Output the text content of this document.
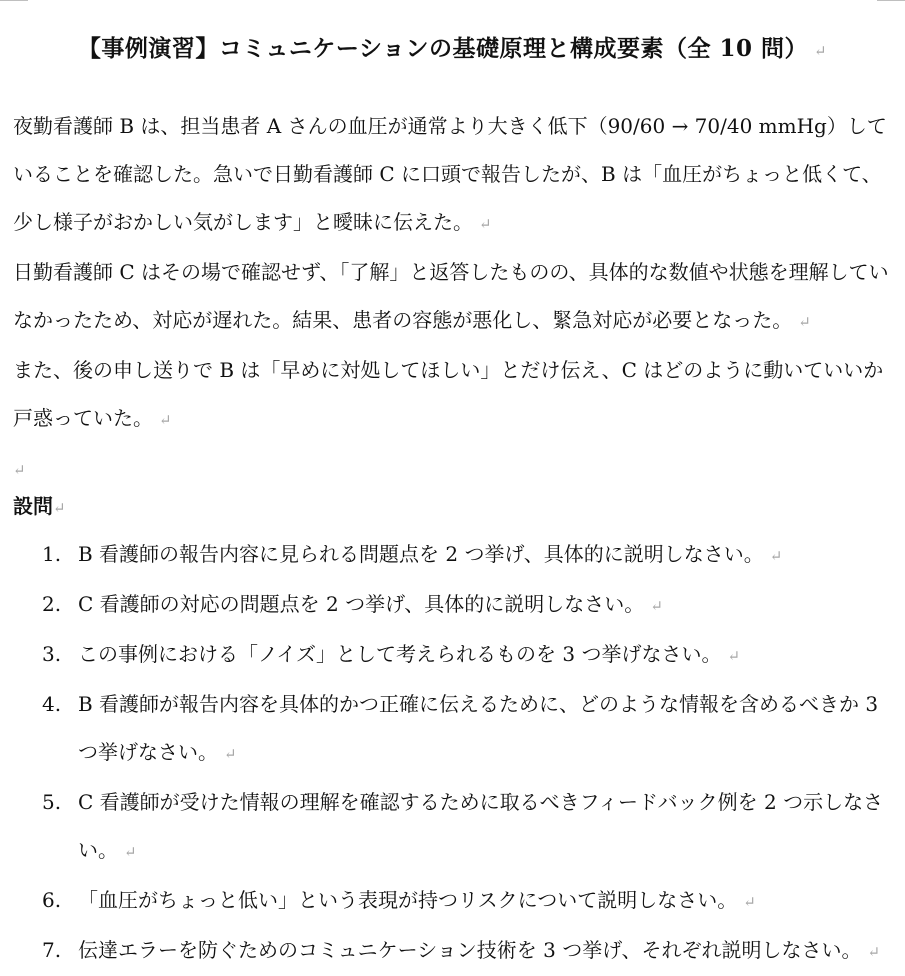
【事例演習】コミュニケーションの基礎原理と構成要素（全 10 問） ↵

夜勤看護師 B は、担当患者 A さんの血圧が通常より大きく低下（90/60 → 70/40 mmHg）していることを確認した。急いで日勤看護師 C に口頭で報告したが、B は「血圧がちょっと低くて、少し様子がおかしい気がします」と曖昧に伝えた。 ↵

日勤看護師 C はその場で確認せず、「了解」と返答したものの、具体的な数値や状態を理解していなかったため、対応が遅れた。結果、患者の容態が悪化し、緊急対応が必要となった。 ↵

また、後の申し送りで B は「早めに対処してほしい」とだけ伝え、C はどのように動いていいか戸惑っていた。 ↵

↵

設問↵
1. B 看護師の報告内容に見られる問題点を 2 つ挙げ、具体的に説明しなさい。 ↵
2. C 看護師の対応の問題点を 2 つ挙げ、具体的に説明しなさい。 ↵
3. この事例における「ノイズ」として考えられるものを 3 つ挙げなさい。 ↵
4. B 看護師が報告内容を具体的かつ正確に伝えるために、どのような情報を含めるべきか 3 つ挙げなさい。 ↵
5. C 看護師が受けた情報の理解を確認するために取るべきフィードバック例を 2 つ示しなさい。 ↵
6. 「血圧がちょっと低い」という表現が持つリスクについて説明しなさい。 ↵
7. 伝達エラーを防ぐためのコミュニケーション技術を 3 つ挙げ、それぞれ説明しなさい。 ↵
